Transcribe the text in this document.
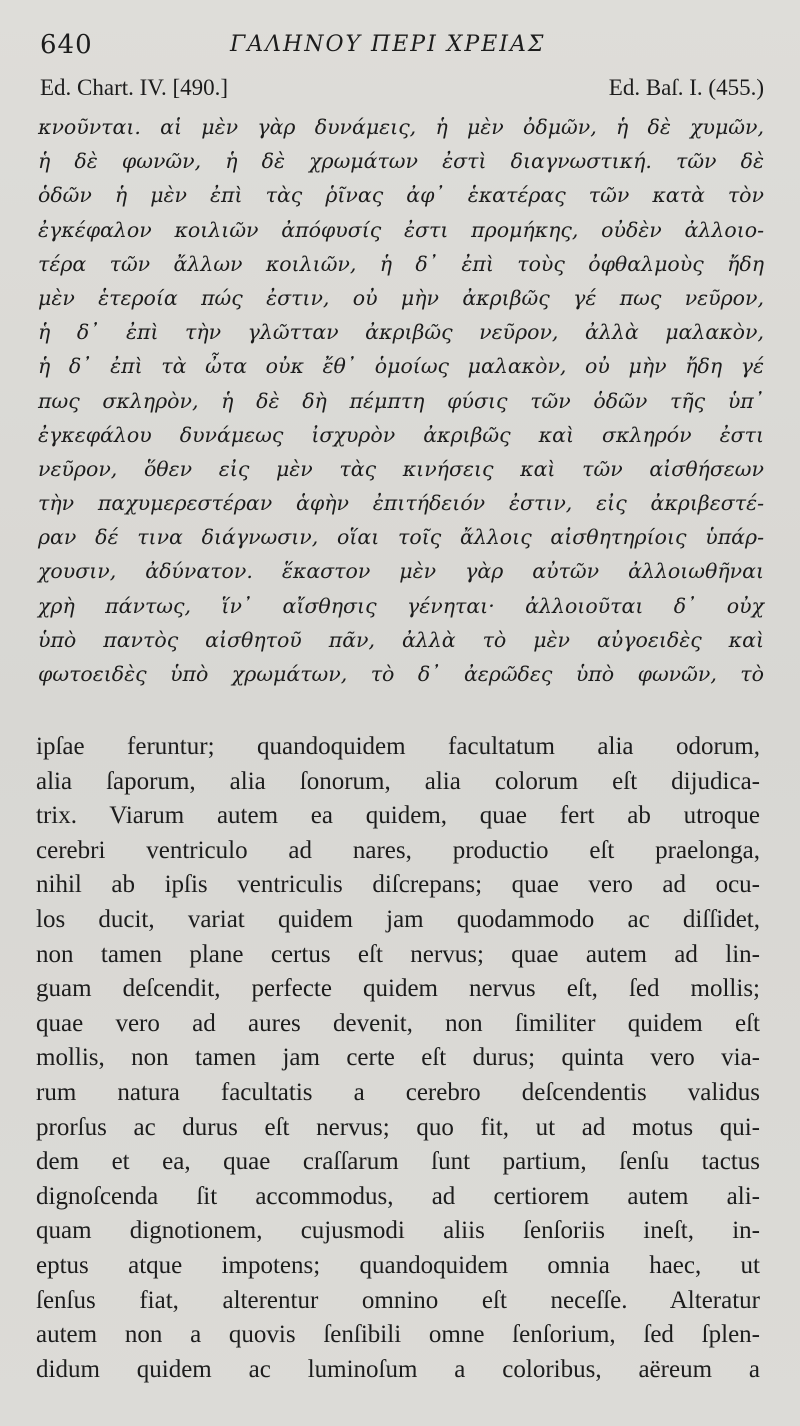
640	ΓΑΛΗΝΟΥ ΠΕΡΙ ΧΡΕΙΑΣ
Ed. Chart. IV. [490.]	Ed. Baſ. I. (455.)
κνοῦνται. αἱ μὲν γὰρ δυνάμεις, ἡ μὲν ὀδμῶν, ἡ δὲ χυμῶν,
ἡ δὲ φωνῶν, ἡ δὲ χρωμάτων ἐστὶ διαγνωστική. τῶν δὲ
ὁδῶν ἡ μὲν ἐπὶ τὰς ῥῖνας ἀφ᾽ ἑκατέρας τῶν κατὰ τὸν
ἐγκέφαλον κοιλιῶν ἀπόφυσίς ἐστι προμήκης, οὐδὲν ἀλλοιο-
τέρα τῶν ἄλλων κοιλιῶν, ἡ δ᾽ ἐπὶ τοὺς ὀφθαλμοὺς ἤδη
μὲν ἑτεροία πώς ἐστιν, οὐ μὴν ἀκριβῶς γέ πως νεῦρον,
ἡ δ᾽ ἐπὶ τὴν γλῶτταν ἀκριβῶς νεῦρον, ἀλλὰ μαλακὸν,
ἡ δ᾽ ἐπὶ τὰ ὦτα οὐκ ἔθ᾽ ὁμοίως μαλακὸν, οὐ μὴν ἤδη γέ
πως σκληρὸν, ἡ δὲ δὴ πέμπτη φύσις τῶν ὁδῶν τῆς ὑπ᾽
ἐγκεφάλου δυνάμεως ἰσχυρὸν ἀκριβῶς καὶ σκληρόν ἐστι
νεῦρον, ὅθεν εἰς μὲν τὰς κινήσεις καὶ τῶν αἰσθήσεων
τὴν παχυμερεστέραν ἁφὴν ἐπιτήδειόν ἐστιν, εἰς ἀκριβεστέ-
ραν δέ τινα διάγνωσιν, οἵαι τοῖς ἄλλοις αἰσθητηρίοις ὑπάρ-
χουσιν, ἀδύνατον. ἕκαστον μὲν γὰρ αὐτῶν ἀλλοιωθῆναι
χρὴ πάντως, ἵν᾽ αἴσθησις γένηται· ἀλλοιοῦται δ᾽ οὐχ
ὑπὸ παντὸς αἰσθητοῦ πᾶν, ἀλλὰ τὸ μὲν αὐγοειδὲς καὶ
φωτοειδὲς ὑπὸ χρωμάτων, τὸ δ᾽ ἀερῶδες ὑπὸ φωνῶν, τὸ
ipſae feruntur; quandoquidem facultatum alia odorum,
alia ſaporum, alia ſonorum, alia colorum eſt dijudica-
trix. Viarum autem ea quidem, quae fert ab utroque
cerebri ventriculo ad nares, productio eſt praelonga,
nihil ab ipſis ventriculis diſcrepans; quae vero ad ocu-
los ducit, variat quidem jam quodammodo ac diſſidet,
non tamen plane certus eſt nervus; quae autem ad lin-
guam deſcendit, perfecte quidem nervus eſt, ſed mollis;
quae vero ad aures devenit, non ſimiliter quidem eſt
mollis, non tamen jam certe eſt durus; quinta vero via-
rum natura facultatis a cerebro deſcendentis validus
prorſus ac durus eſt nervus; quo fit, ut ad motus qui-
dem et ea, quae craſſarum ſunt partium, ſenſu tactus
dignoſcenda ſit accommodus, ad certiorem autem ali-
quam dignotionem, cujusmodi aliis ſenſoriis ineſt, in-
eptus atque impotens; quandoquidem omnia haec, ut
ſenſus fiat, alterentur omnino eſt neceſſe. Alteratur
autem non a quovis ſenſibili omne ſenſorium, ſed ſplen-
didum quidem ac luminoſum a coloribus, aëreum a
